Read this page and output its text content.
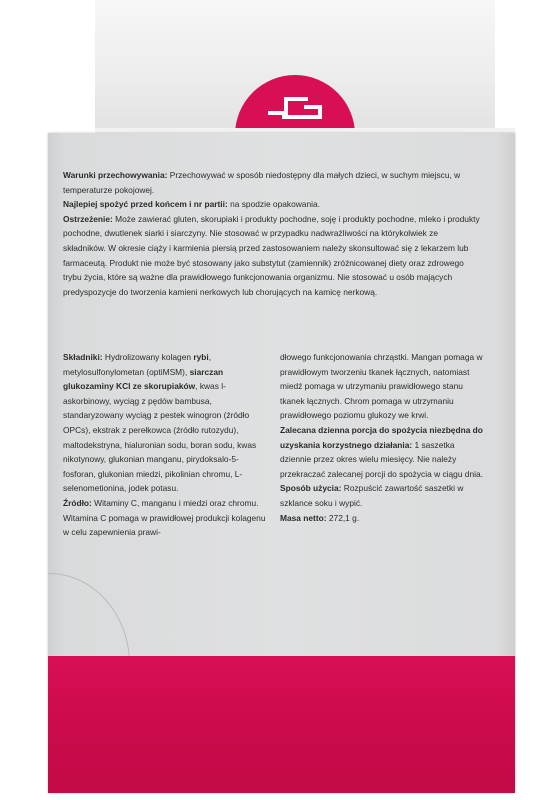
Warunki przechowywania: Przechowywać w sposób niedostępny dla małych dzieci, w suchym miejscu, w temperaturze pokojowej.

Najlepiej spożyć przed końcem i nr partii: na spodzie opakowania.

Ostrzeżenie: Może zawierać gluten, skorupiaki i produkty pochodne, soję i produkty pochodne, mleko i produkty pochodne, dwutlenek siarki i siarczyny. Nie stosować w przypadku nadwrażliwości na którykolwiek ze składników. W okresie ciąży i karmienia piersią przed zastosowaniem należy skonsultować się z lekarzem lub farmaceutą. Produkt nie może być stosowany jako substytut (zamiennik) zróżnicowanej diety oraz zdrowego trybu życia, które są ważne dla prawidłowego funkcjonowania organizmu. Nie stosować u osób mających predyspozycje do tworzenia kamieni nerkowych lub chorujących na kamicę nerkową.

Składniki: Hydrolizowany kolagen rybi, metylosulfonylometan (optiMSM), siarczan glukozaminy KCl ze skorupiaków, kwas l-askorbinowy, wyciąg z pędów bambusa, standaryzowany wyciąg z pestek winogron (źródło OPCs), ekstrak z perełkowca (źródło rutozydu), maltodekstryna, hialuronian sodu, boran sodu, kwas nikotynowy, glukonian manganu, pirydoksalo-5-fosforan, glukonian miedzi, pikolinian chromu, L-selenometionina, jodek potasu.

Źródło: Witaminy C, manganu i miedzi oraz chromu. Witamina C pomaga w prawidłowej produkcji kolagenu w celu zapewnienia prawi-

dłowego funkcjonowania chrząstki. Mangan pomaga w prawidłowym tworzeniu tkanek łącznych, natomiast miedź pomaga w utrzymaniu prawidłowego stanu tkanek łącznych. Chrom pomaga w utrzymaniu prawidłowego poziomu glukozy we krwi.

Zalecana dzienna porcja do spożycia niezbędna do uzyskania korzystnego działania: 1 saszetka dziennie przez okres wielu miesięcy. Nie należy przekraczać zalecanej porcji do spożycia w ciągu dnia.

Sposób użycia: Rozpuścić zawartość saszetki w szklance soku i wypić.

Masa netto: 272,1 g.
